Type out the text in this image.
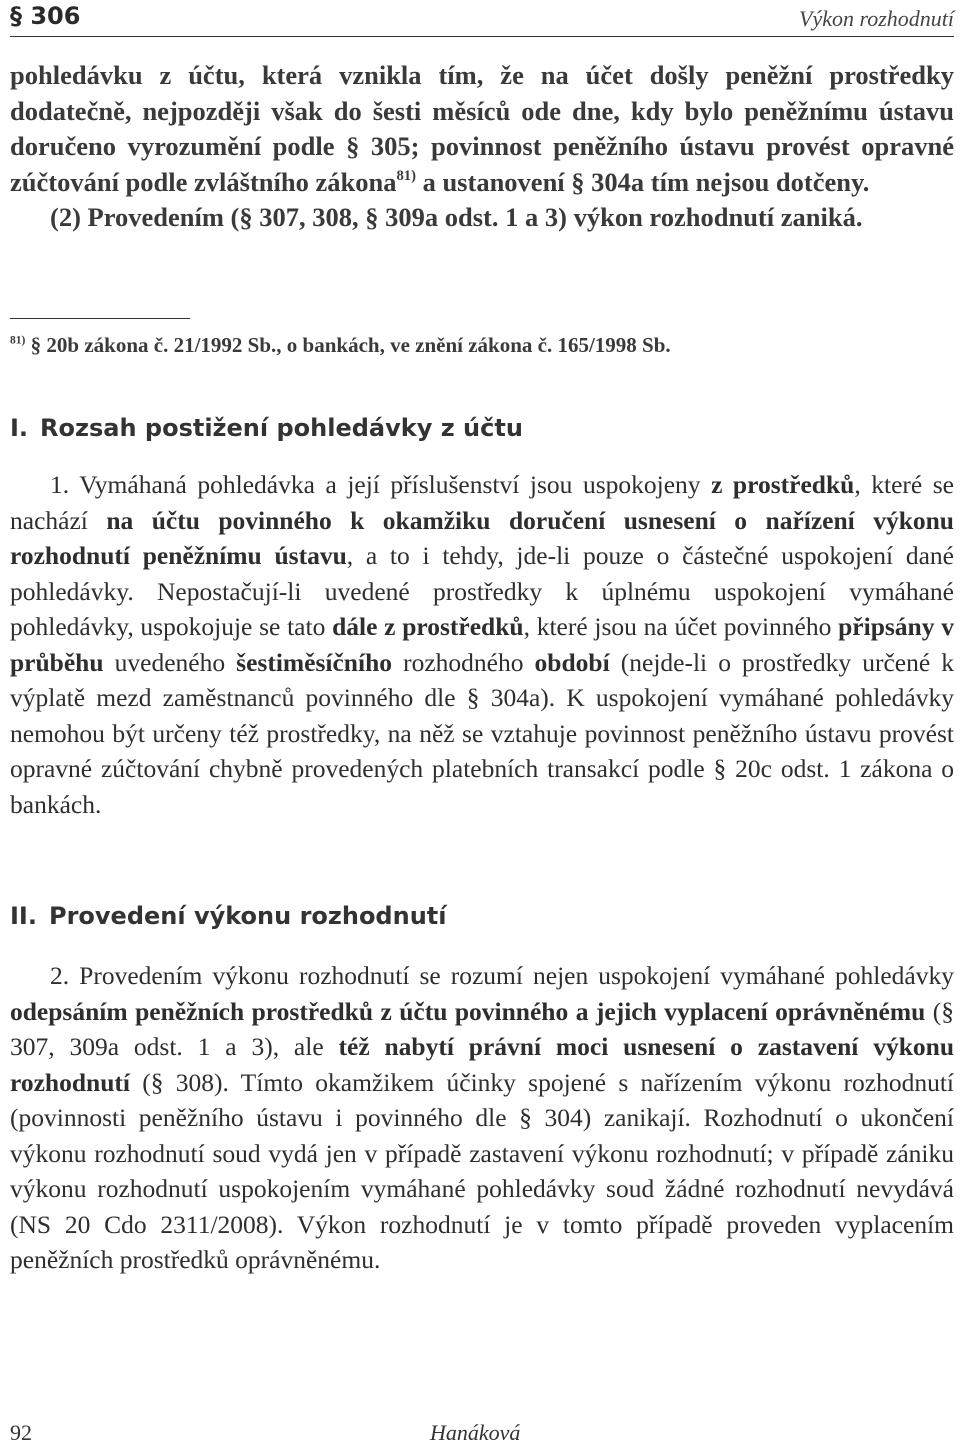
§ 306	Výkon rozhodnutí

pohledávku z účtu, která vznikla tím, že na účet došly peněžní prostředky dodatečně, nejpozději však do šesti měsíců ode dne, kdy bylo peněžnímu ústavu doručeno vyrozumění podle § 305; povinnost peněžního ústavu provést opravné zúčtování podle zvláštního zákona$^{81)}$ a ustanovení § 304a tím nejsou dotčeny.

(2) Provedením (§ 307, 308, § 309a odst. 1 a 3) výkon rozhodnutí zaniká.

$^{81)}$ § 20b zákona č. 21/1992 Sb., o bankách, ve znění zákona č. 165/1998 Sb.
I. Rozsah postižení pohledávky z účtu

1. Vymáhaná pohledávka a její příslušenství jsou uspokojeny z prostředků, které se nachází na účtu povinného k okamžiku doručení usnesení o nařízení výkonu rozhodnutí peněžnímu ústavu, a to i tehdy, jde-li pouze o částečné uspokojení dané pohledávky. Nepostačují-li uvedené prostředky k úplnému uspokojení vymáhané pohledávky, uspokojuje se tato dále z prostředků, které jsou na účet povinného připsány v průběhu uvedeného šestiměsíčního rozhodného období (nejde-li o prostředky určené k výplatě mezd zaměstnanců povinného dle § 304a). K uspokojení vymáhané pohledávky nemohou být určeny též prostředky, na něž se vztahuje povinnost peněžního ústavu provést opravné zúčtování chybně provedených platebních transakcí podle § 20c odst. 1 zákona o bankách.

II. Provedení výkonu rozhodnutí

2. Provedením výkonu rozhodnutí se rozumí nejen uspokojení vymáhané pohledávky odepsáním peněžních prostředků z účtu povinného a jejich vyplacení oprávněnému (§ 307, 309a odst. 1 a 3), ale též nabytí právní moci usnesení o zastavení výkonu rozhodnutí (§ 308). Tímto okamžikem účinky spojené s nařízením výkonu rozhodnutí (povinnosti peněžního ústavu i povinného dle § 304) zanikají. Rozhodnutí o ukončení výkonu rozhodnutí soud vydá jen v případě zastavení výkonu rozhodnutí; v případě zániku výkonu rozhodnutí uspokojením vymáhané pohledávky soud žádné rozhodnutí nevydává (NS 20 Cdo 2311/2008). Výkon rozhodnutí je v tomto případě proveden vyplacením peněžních prostředků oprávněnému.

92	Hanáková
